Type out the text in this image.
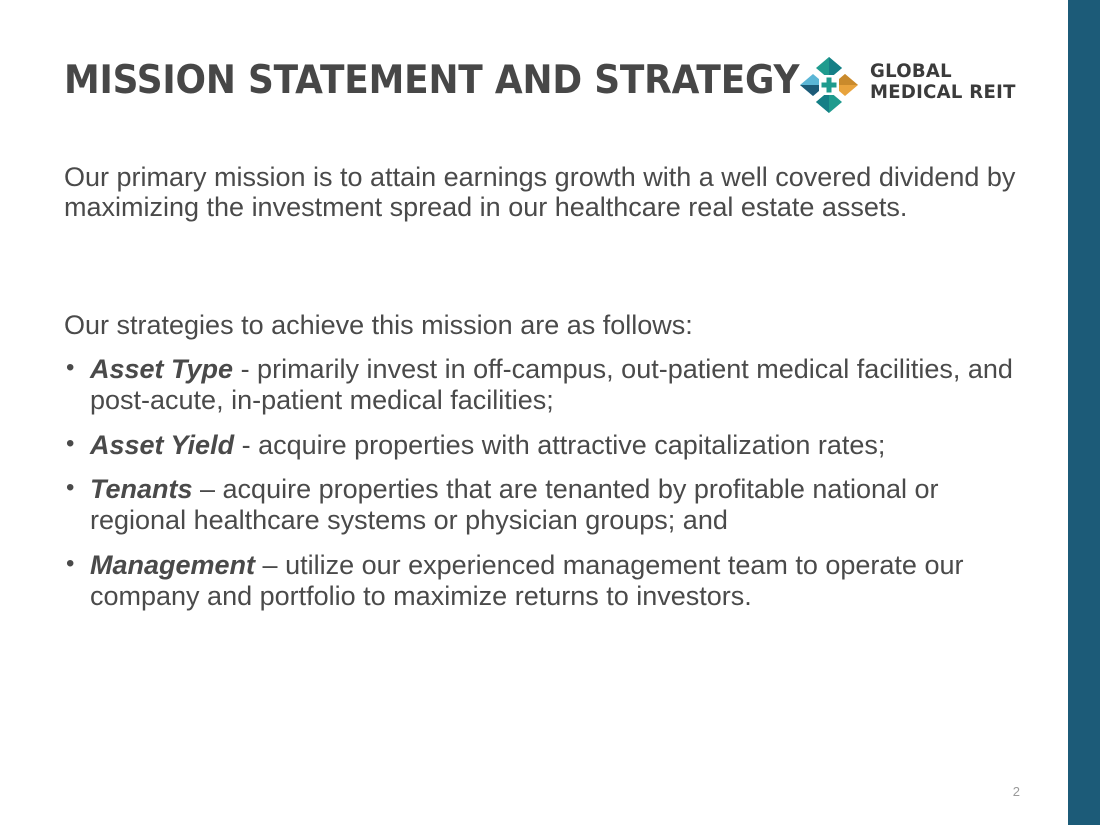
MISSION STATEMENT AND STRATEGY	GLOBAL
MEDICAL REIT
Our primary mission is to attain earnings growth with a well covered dividend by maximizing the investment spread in our healthcare real estate assets.
Our strategies to achieve this mission are as follows:
• Asset Type - primarily invest in off-campus, out-patient medical facilities, and post-acute, in-patient medical facilities;
• Asset Yield - acquire properties with attractive capitalization rates;
• Tenants – acquire properties that are tenanted by profitable national or regional healthcare systems or physician groups; and
• Management – utilize our experienced management team to operate our company and portfolio to maximize returns to investors.
2
